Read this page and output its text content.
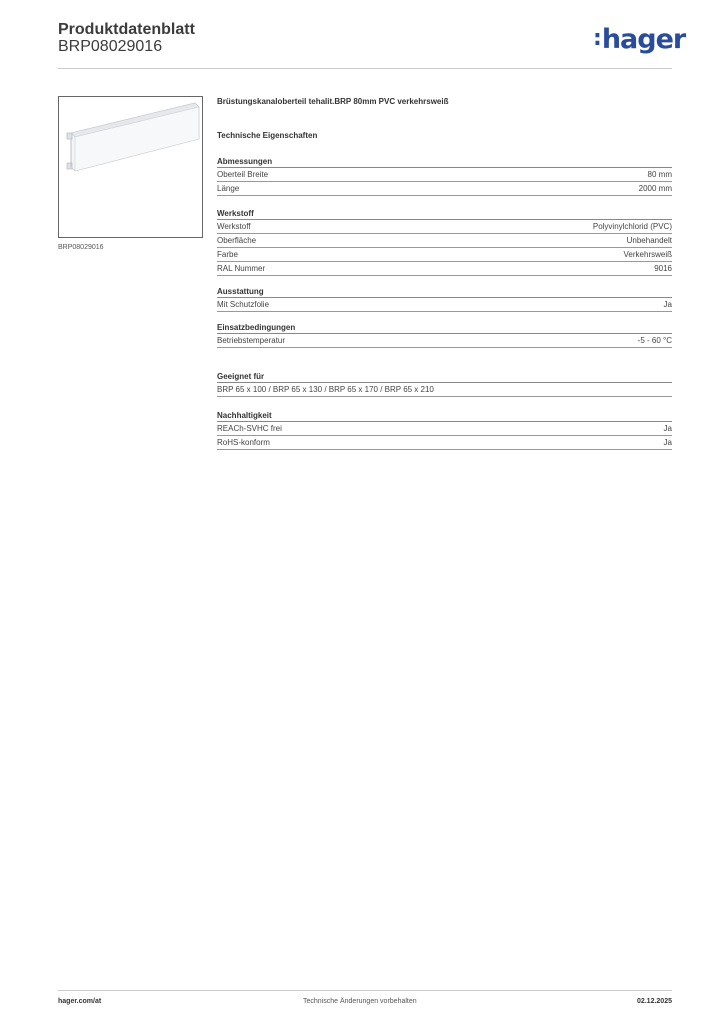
Produktdatenblatt
BRP08029016	:hager
BRP08029016
Brüstungskanaloberteil tehalit.BRP 80mm PVC verkehrsweiß
Technische Eigenschaften
Abmessungen
Oberteil Breite	80 mm
Länge	2000 mm
Werkstoff
Werkstoff	Polyvinylchlorid (PVC)
Oberfläche	Unbehandelt
Farbe	Verkehrsweiß
RAL Nummer	9016
Ausstattung
Mit Schutzfolie	Ja
Einsatzbedingungen
Betriebstemperatur	-5 - 60 °C
Geeignet für
BRP 65 x 100 / BRP 65 x 130 / BRP 65 x 170 / BRP 65 x 210
Nachhaltigkeit
REACh-SVHC frei	Ja
RoHS-konform	Ja
hager.com/at	Technische Änderungen vorbehalten	02.12.2025
